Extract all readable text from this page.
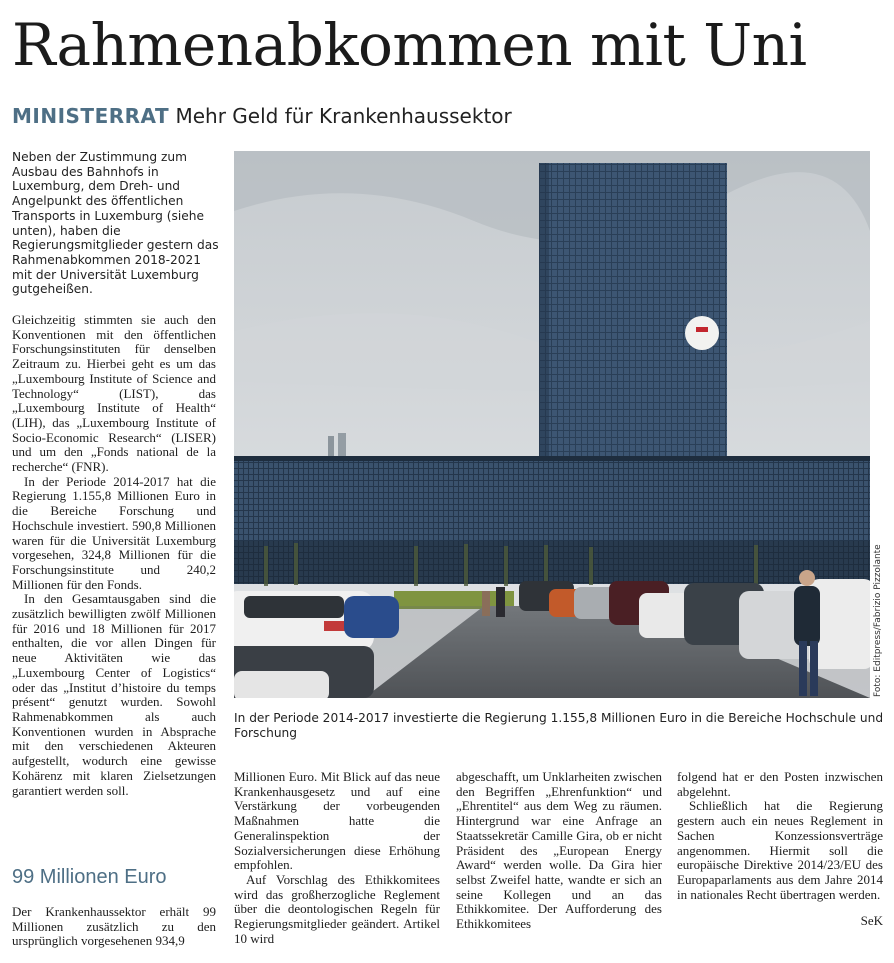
Rahmenabkommen mit Uni
MINISTERRAT Mehr Geld für Krankenhaussektor
Neben der Zustimmung zum Ausbau des Bahnhofs in Luxemburg, dem Dreh- und Angelpunkt des öffentlichen Transports in Luxemburg (siehe unten), haben die Regierungsmitglieder gestern das Rahmenabkommen 2018-2021 mit der Universität Luxemburg gutgeheißen.

Gleichzeitig stimmten sie auch den Konventionen mit den öffentlichen Forschungsinstituten für denselben Zeitraum zu. Hierbei geht es um das „Luxembourg Institute of Science and Technology“ (LIST), das „Luxembourg Institute of Health“ (LIH), das „Luxembourg Institute of Socio-Economic Research“ (LISER) und um den „Fonds national de la recherche“ (FNR).

In der Periode 2014-2017 hat die Regierung 1.155,8 Millionen Euro in die Bereiche Forschung und Hochschule investiert. 590,8 Millionen waren für die Universität Luxemburg vorgesehen, 324,8 Millionen für die Forschungsinstitute und 240,2 Millionen für den Fonds.

In den Gesamtausgaben sind die zusätzlich bewilligten zwölf Millionen für 2016 und 18 Millionen für 2017 enthalten, die vor allen Dingen für neue Aktivitäten wie das „Luxembourg Center of Logistics“ oder das „Institut d’histoire du temps présent“ genutzt wurden. Sowohl Rahmenabkommen als auch Konventionen wurden in Absprache mit den verschiedenen Akteuren aufgestellt, wodurch eine gewisse Kohärenz mit klaren Zielsetzungen garantiert werden soll.

99 Millionen Euro

Der Krankenhaussektor erhält 99 Millionen zusätzlich zu den ursprünglich vorgesehenen 934,9

Foto: Editpress/Fabrizio Pizzolante
In der Periode 2014-2017 investierte die Regierung 1.155,8 Millionen Euro in die Bereiche Hochschule und Forschung

Millionen Euro. Mit Blick auf das neue Krankenhausgesetz und auf eine Verstärkung der vorbeugenden Maßnahmen hatte die Generalinspektion der Sozialversicherungen diese Erhöhung empfohlen.

Auf Vorschlag des Ethikkomitees wird das großherzogliche Reglement über die deontologischen Regeln für Regierungsmitglieder geändert. Artikel 10 wird

abgeschafft, um Unklarheiten zwischen den Begriffen „Ehrenfunktion“ und „Ehrentitel“ aus dem Weg zu räumen. Hintergrund war eine Anfrage an Staatssekretär Camille Gira, ob er nicht Präsident des „European Energy Award“ werden wolle. Da Gira hier selbst Zweifel hatte, wandte er sich an seine Kollegen und an das Ethikkomitee. Der Aufforderung des Ethikkomitees

folgend hat er den Posten inzwischen abgelehnt.

Schließlich hat die Regierung gestern auch ein neues Reglement in Sachen Konzessionsverträge angenommen. Hiermit soll die europäische Direktive 2014/23/EU des Europaparlaments aus dem Jahre 2014 in nationales Recht übertragen werden.

SeK
